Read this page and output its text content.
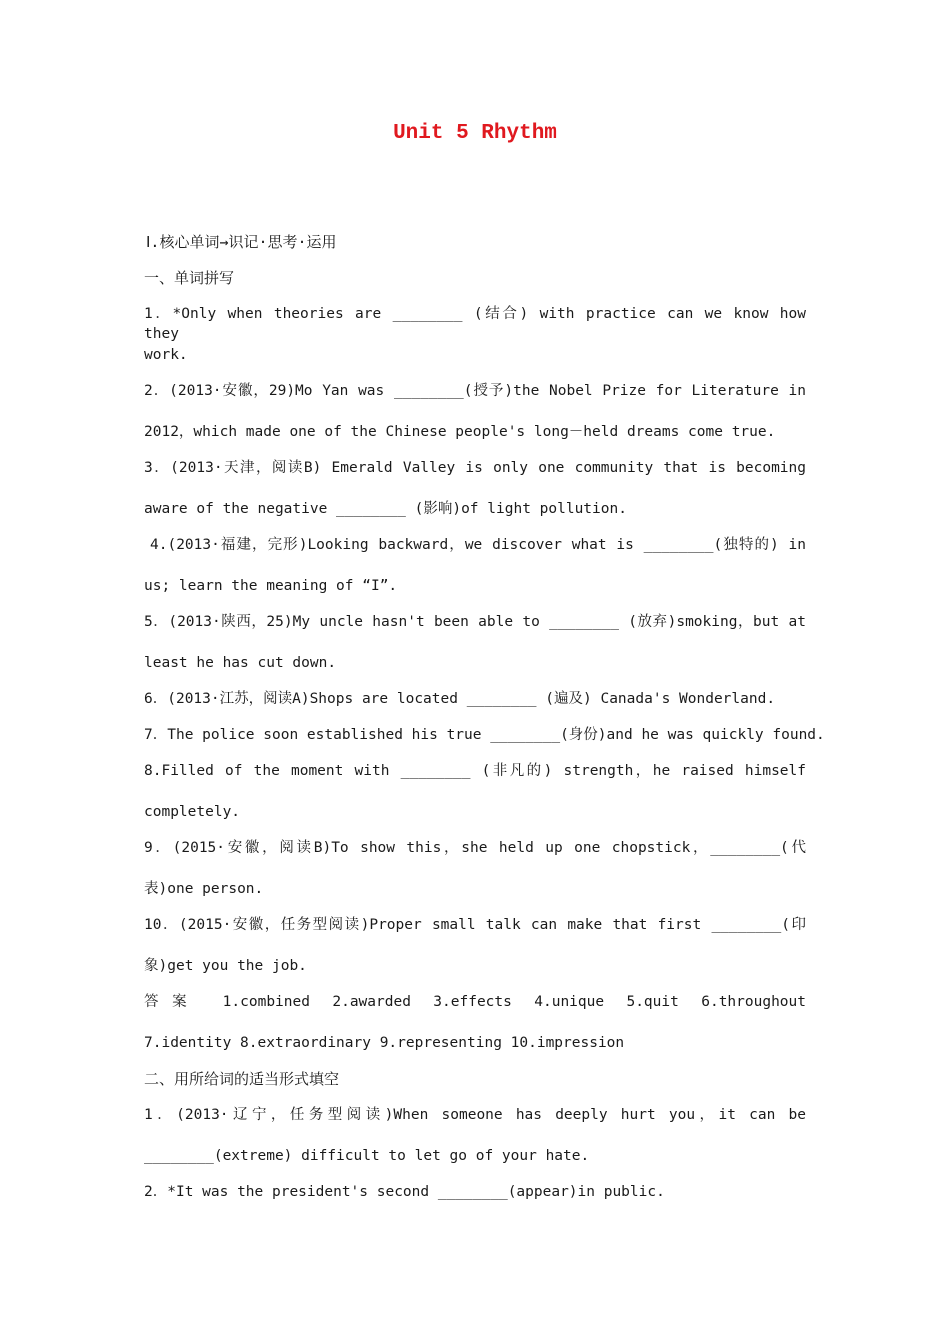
Unit 5 Rhythm
Ⅰ.核心单词→识记·思考·运用
一、单词拼写
1．*Only when theories are ________ (结合) with practice can we know how they
work.
2．(2013·安徽，29)Mo Yan was ________(授予)the Nobel Prize for Literature in
2012，which made one of the Chinese people's long－held dreams come true.
3．(2013·天津，阅读B) Emerald Valley is only one community that is becoming
aware of the negative ________ (影响)of light pollution.
4.(2013·福建，完形)Looking backward，we discover what is ________(独特的) in
us; learn the meaning of “I”.
5．(2013·陕西，25)My uncle hasn't been able to ________ (放弃)smoking，but at
least he has cut down.
6．(2013·江苏，阅读A)Shops are located ________ (遍及) Canada's Wonderland.
7．The police soon established his true ________(身份)and he was quickly found.
8.Filled of the moment with ________ (非凡的) strength，he raised himself
completely.
9．(2015·安徽，阅读B)To show this，she held up one chopstick，________(代
表)one person.
10．(2015·安徽，任务型阅读)Proper small talk can make that first ________(印
象)get you the job.
答案 1.combined 2.awarded 3.effects 4.unique 5.quit 6.throughout
7.identity 8.extraordinary 9.representing 10.impression
二、用所给词的适当形式填空
1．(2013·辽宁，任务型阅读)When someone has deeply hurt you，it can be
________(extreme) difficult to let go of your hate.
2．*It was the president's second ________(appear)in public.
